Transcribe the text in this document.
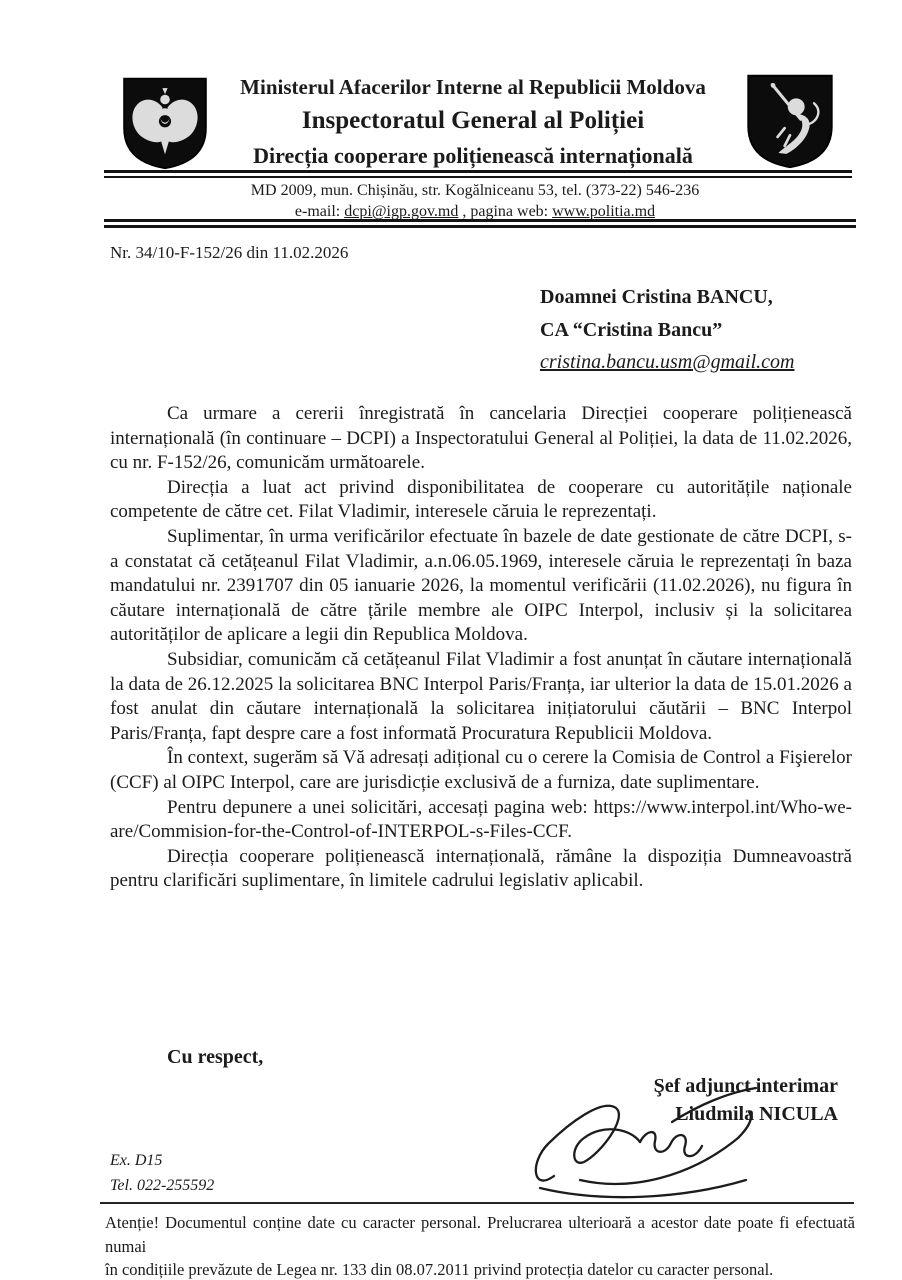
Ministerul Afacerilor Interne al Republicii Moldova
Inspectoratul General al Poliției
Direcția cooperare polițienească internațională
MD 2009, mun. Chișinău, str. Kogălniceanu 53, tel. (373-22) 546-236
e-mail: dcpi@igp.gov.md , pagina web: www.politia.md
Nr. 34/10-F-152/26 din 11.02.2026
Doamnei Cristina BANCU,
CA “Cristina Bancu”
cristina.bancu.usm@gmail.com

Ca urmare a cererii înregistrată în cancelaria Direcției cooperare polițienească internațională (în continuare – DCPI) a Inspectoratului General al Poliției, la data de 11.02.2026, cu nr. F-152/26, comunicăm următoarele.

Direcția a luat act privind disponibilitatea de cooperare cu autoritățile naționale competente de către cet. Filat Vladimir, interesele căruia le reprezentați.

Suplimentar, în urma verificărilor efectuate în bazele de date gestionate de către DCPI, s-a constatat că cetățeanul Filat Vladimir, a.n.06.05.1969, interesele căruia le reprezentați în baza mandatului nr. 2391707 din 05 ianuarie 2026, la momentul verificării (11.02.2026), nu figura în căutare internațională de către țările membre ale OIPC Interpol, inclusiv și la solicitarea autorităților de aplicare a legii din Republica Moldova.

Subsidiar, comunicăm că cetățeanul Filat Vladimir a fost anunțat în căutare internațională la data de 26.12.2025 la solicitarea BNC Interpol Paris/Franța, iar ulterior la data de 15.01.2026 a fost anulat din căutare internațională la solicitarea inițiatorului căutării – BNC Interpol Paris/Franța, fapt despre care a fost informată Procuratura Republicii Moldova.

În context, sugerăm să Vă adresați adițional cu o cerere la Comisia de Control a Fişierelor (CCF) al OIPC Interpol, care are jurisdicție exclusivă de a furniza, date suplimentare.

Pentru depunere a unei solicitări, accesați pagina web: https://www.interpol.int/Who-we-are/Commision-for-the-Control-of-INTERPOL-s-Files-CCF.

Direcția cooperare polițienească internațională, rămâne la dispoziția Dumneavoastră pentru clarificări suplimentare, în limitele cadrului legislativ aplicabil.

Cu respect,
Şef adjunct interimar
Liudmila NICULA
Ex. D15
Tel. 022-255592
Atenție! Documentul conține date cu caracter personal. Prelucrarea ulterioară a acestor date poate fi efectuată numai
în condițiile prevăzute de Legea nr. 133 din 08.07.2011 privind protecția datelor cu caracter personal.
